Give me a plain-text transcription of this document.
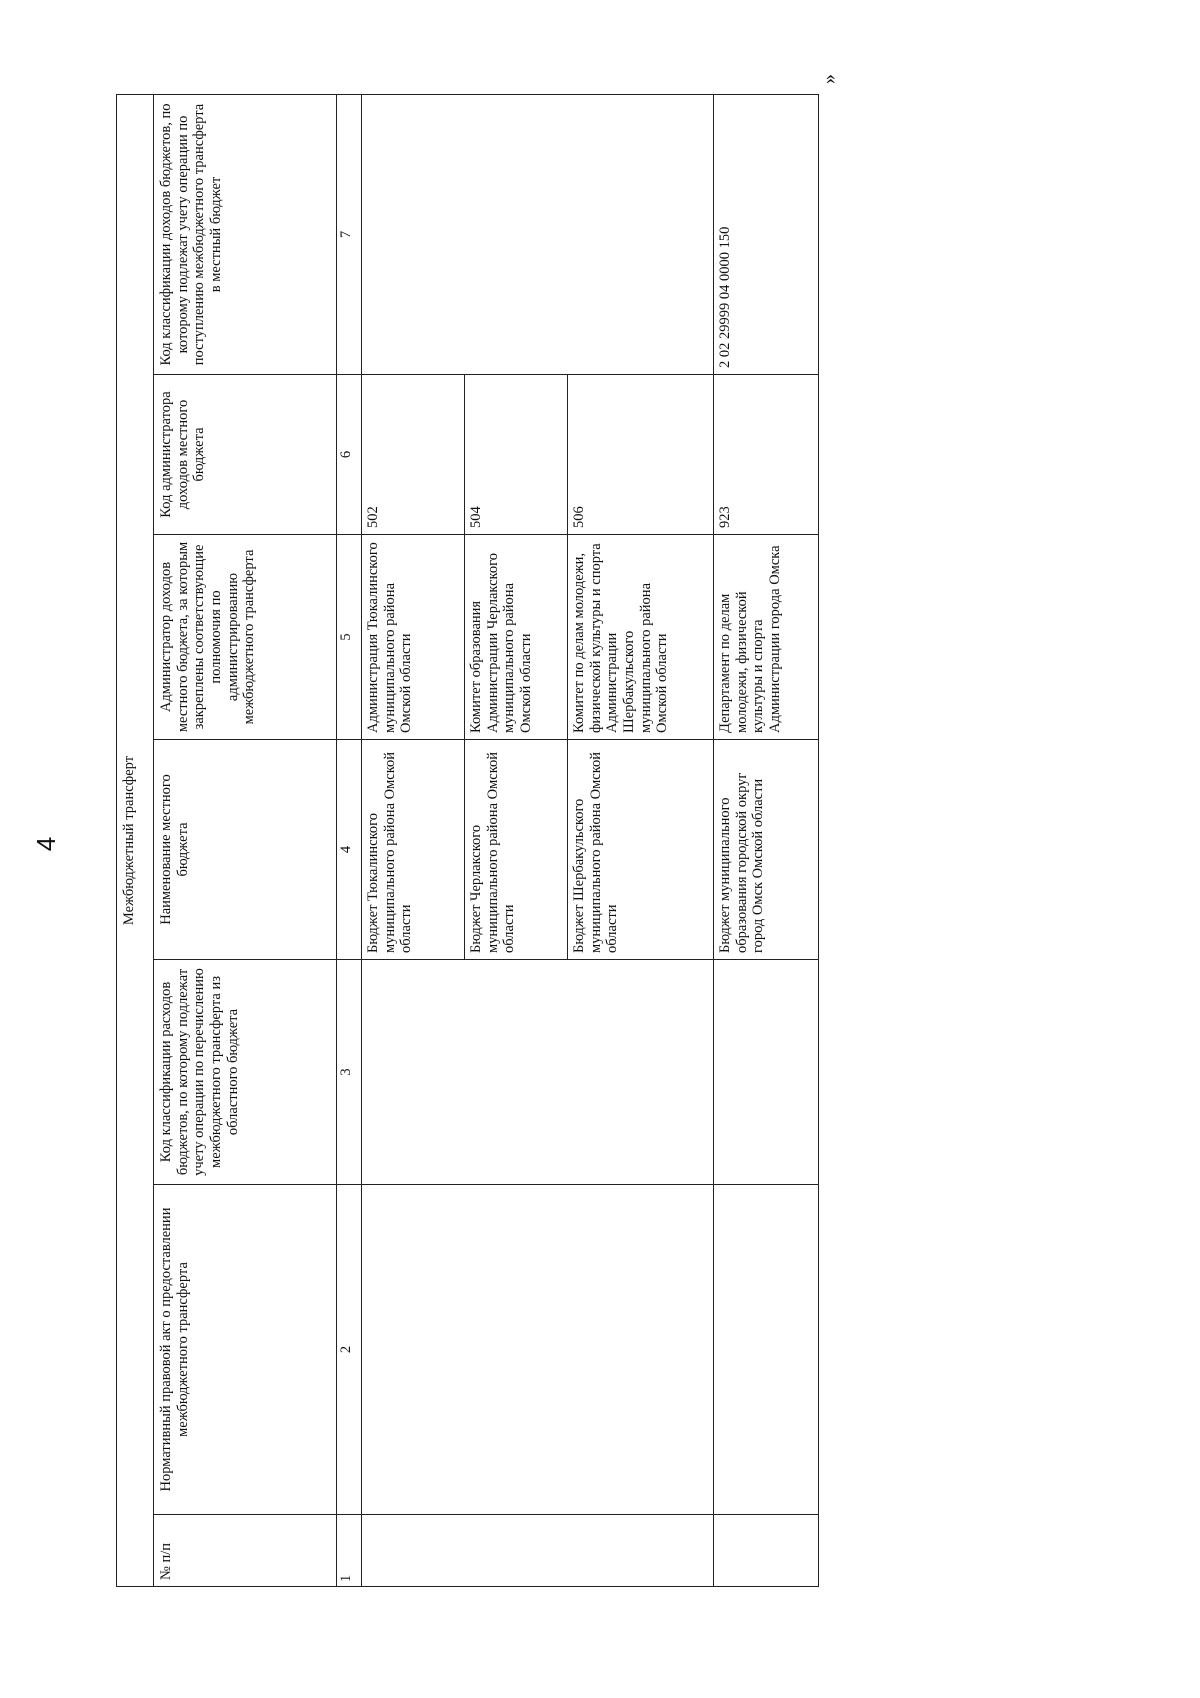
4
»
Межбюджетный трансферт						
№ п/п	Нормативный правовой акт о предоставлении межбюджетного трансферта	Код классификации расходов бюджетов, по которому подлежат учету операции по перечислению межбюджетного трансферта из областного бюджета	Наименование местного бюджета	Администратор доходов местного бюджета, за которым закреплены соответствующие полномочия по администрированию межбюджетного трансферта	Код администратора доходов местного бюджета	Код классификации доходов бюджетов, по которому подлежат учету операции по поступлению межбюджетного трансферта в местный бюджет
1	2	3	4	5	6	7
			Бюджет Тюкалинского муниципального района Омской области	Администрация Тюкалинского муниципального района Омской области	502	
			Бюджет Черлакского муниципального района Омской области	Комитет образования Администрации Черлакского муниципального района Омской области	504	
			Бюджет Шербакульского муниципального района Омской области	Комитет по делам молодежи, физической культуры и спорта Администрации Шербакульского муниципального района Омской области	506	
			Бюджет муниципального образования городской округ город Омск Омской области	Департамент по делам молодежи, физической культуры и спорта Администрации города Омска	923	2 02 29999 04 0000 150
